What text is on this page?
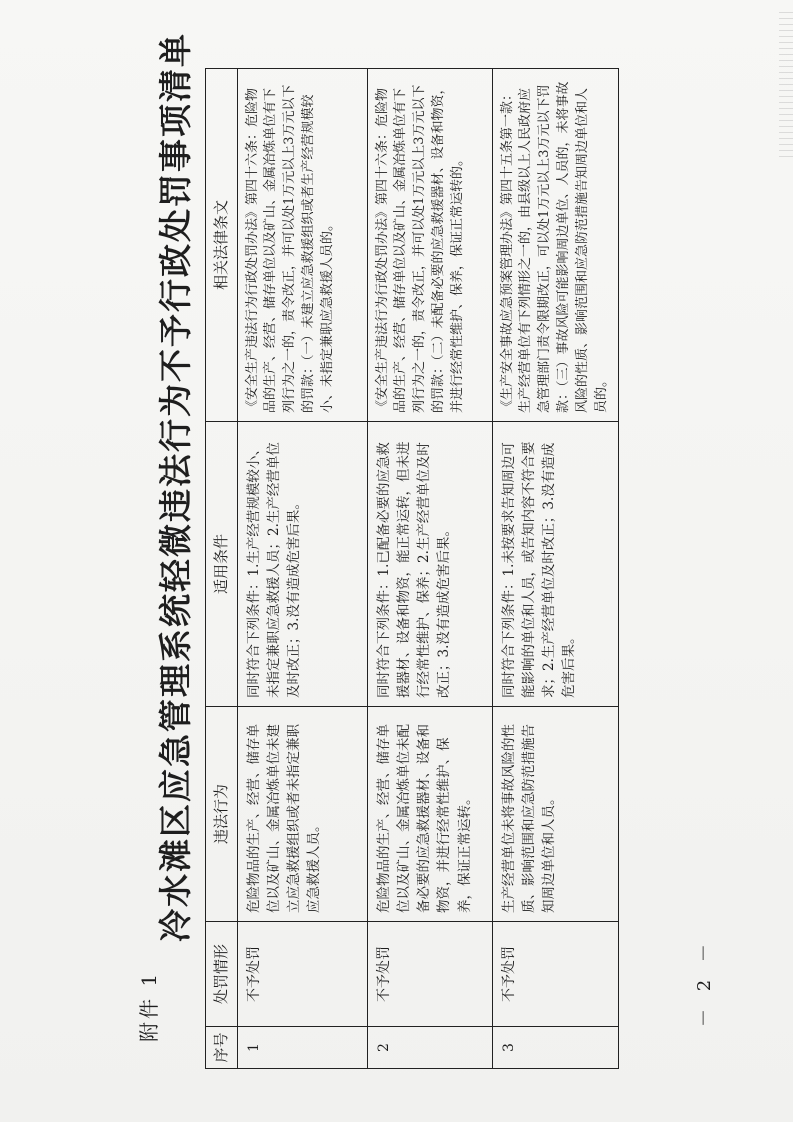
附件 1
冷水滩区应急管理系统轻微违法行为不予行政处罚事项清单
序号	处罚情形	违法行为	适用条件	相关法律条文
1	不予处罚	危险物品的生产、经营、储存单位以及矿山、金属冶炼单位未建立应急救援组织或者未指定兼职应急救援人员。	同时符合下列条件：1.生产经营规模较小、未指定兼职应急救援人员；2.生产经营单位及时改正；3.没有造成危害后果。	《安全生产违法行为行政处罚办法》第四十六条：危险物品的生产、经营、储存单位以及矿山、金属冶炼单位有下列行为之一的，责令改正，并可以处1万元以上3万元以下的罚款：（一）未建立应急救援组织或者生产经营规模较小、未指定兼职应急救援人员的。
2	不予处罚	危险物品的生产、经营、储存单位以及矿山、金属冶炼单位未配备必要的应急救援器材、设备和物资，并进行经常性维护、保养，保证正常运转。	同时符合下列条件：1.已配备必要的应急救援器材、设备和物资，能正常运转，但未进行经常性维护、保养；2.生产经营单位及时改正；3.没有造成危害后果。	《安全生产违法行为行政处罚办法》第四十六条：危险物品的生产、经营、储存单位以及矿山、金属冶炼单位有下列行为之一的，责令改正，并可以处1万元以上3万元以下的罚款：（二）未配备必要的应急救援器材、设备和物资，并进行经常性维护、保养，保证正常运转的。
3	不予处罚	生产经营单位未将事故风险的性质、影响范围和应急防范措施告知周边单位和人员。	同时符合下列条件：1.未按要求告知周边可能影响的单位和人员，或告知内容不符合要求；2.生产经营单位及时改正；3.没有造成危害后果。	《生产安全事故应急预案管理办法》第四十五条第一款：生产经营单位有下列情形之一的，由县级以上人民政府应急管理部门责令限期改正，可以处1万元以上3万元以下罚款：（三）事故风险可能影响周边单位、人员的，未将事故风险的性质、影响范围和应急防范措施告知周边单位和人员的。
－ 2 －
